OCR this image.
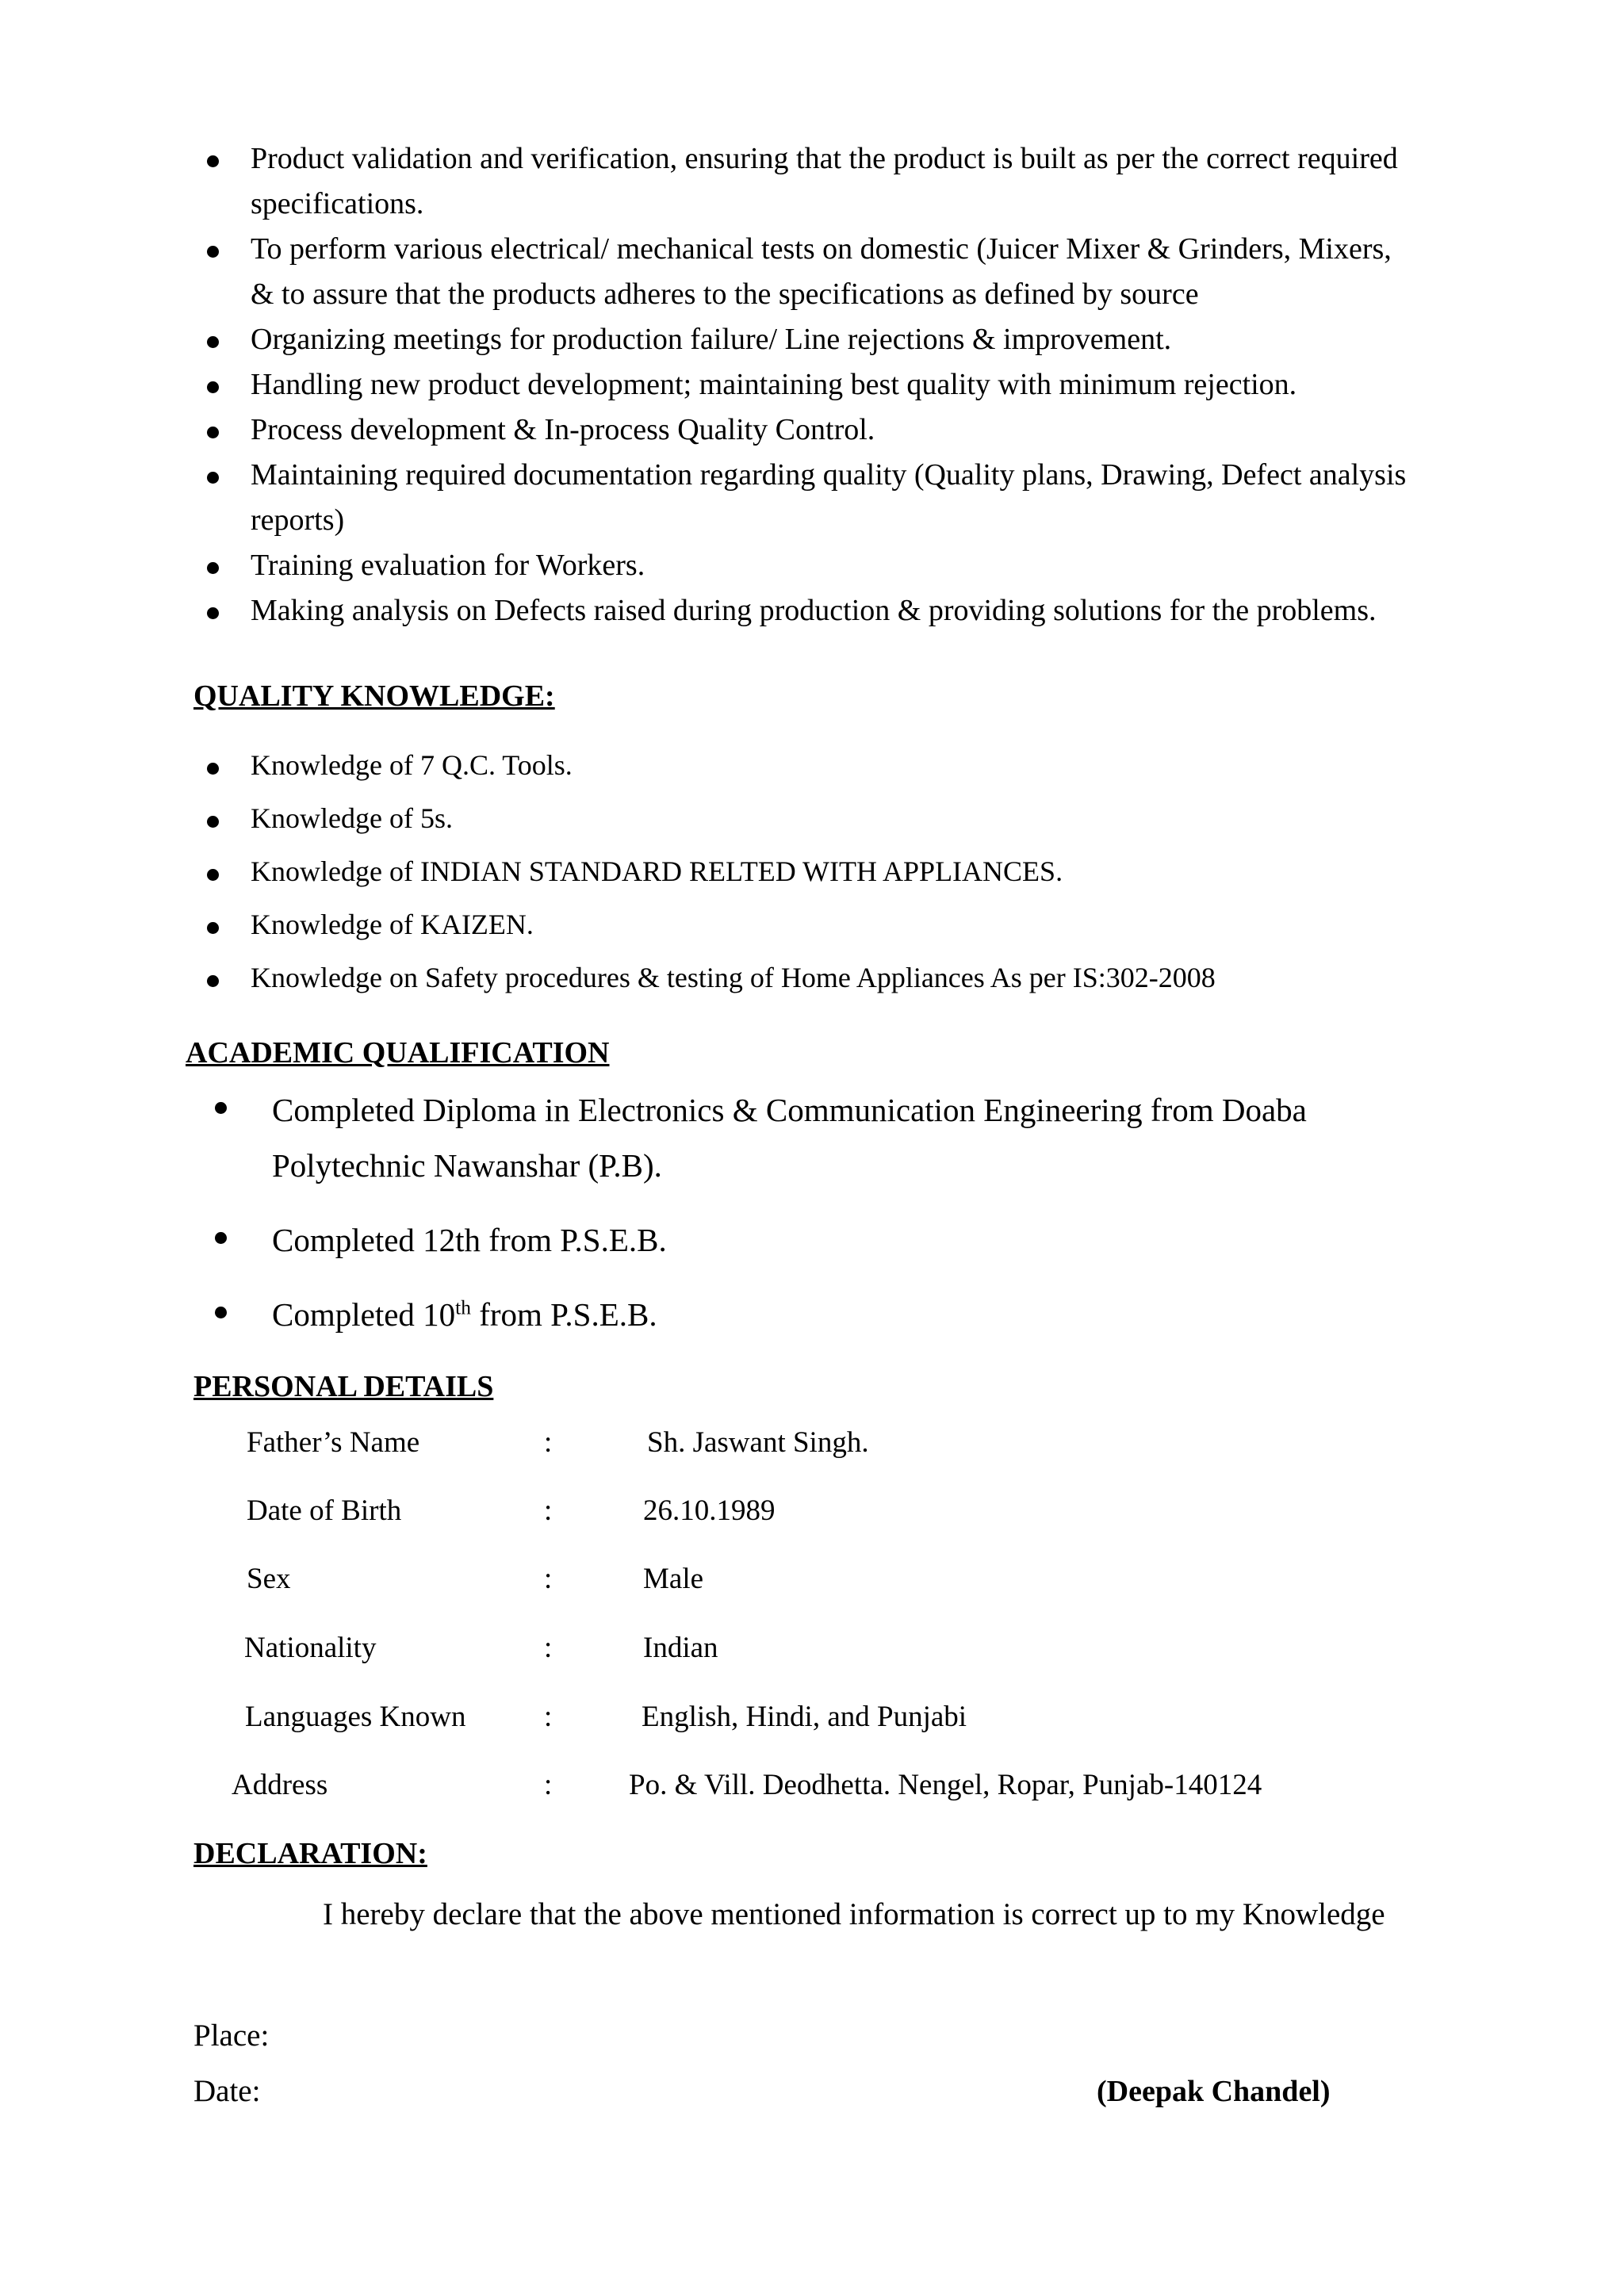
Product validation and verification, ensuring that the product is built as per the correct required specifications.
To perform various electrical/ mechanical tests on domestic (Juicer Mixer & Grinders, Mixers, & to assure that the products adheres to the specifications as defined by source
Organizing meetings for production failure/ Line rejections & improvement.
Handling new product development; maintaining best quality with minimum rejection.
Process development & In-process Quality Control.
Maintaining required documentation regarding quality (Quality plans, Drawing, Defect analysis reports)
Training evaluation for Workers.
Making analysis on Defects raised during production & providing solutions for the problems.
QUALITY KNOWLEDGE:
Knowledge of 7 Q.C. Tools.
Knowledge of 5s.
Knowledge of INDIAN STANDARD RELTED WITH APPLIANCES.
Knowledge of KAIZEN.
Knowledge on Safety procedures & testing of Home Appliances As per IS:302-2008
ACADEMIC QUALIFICATION
Completed Diploma in Electronics & Communication Engineering from Doaba Polytechnic Nawanshar (P.B).
Completed 12th from P.S.E.B.
Completed 10th from P.S.E.B.
PERSONAL DETAILS
Father’s Name	:	Sh. Jaswant Singh.
Date of Birth	:	26.10.1989
Sex	:	Male
Nationality	:	Indian
Languages Known	:	English, Hindi, and Punjabi
Address	:	Po. & Vill. Deodhetta. Nengel, Ropar, Punjab-140124
DECLARATION:

I hereby declare that the above mentioned information is correct up to my Knowledge

Place:
Date:	(Deepak Chandel)
